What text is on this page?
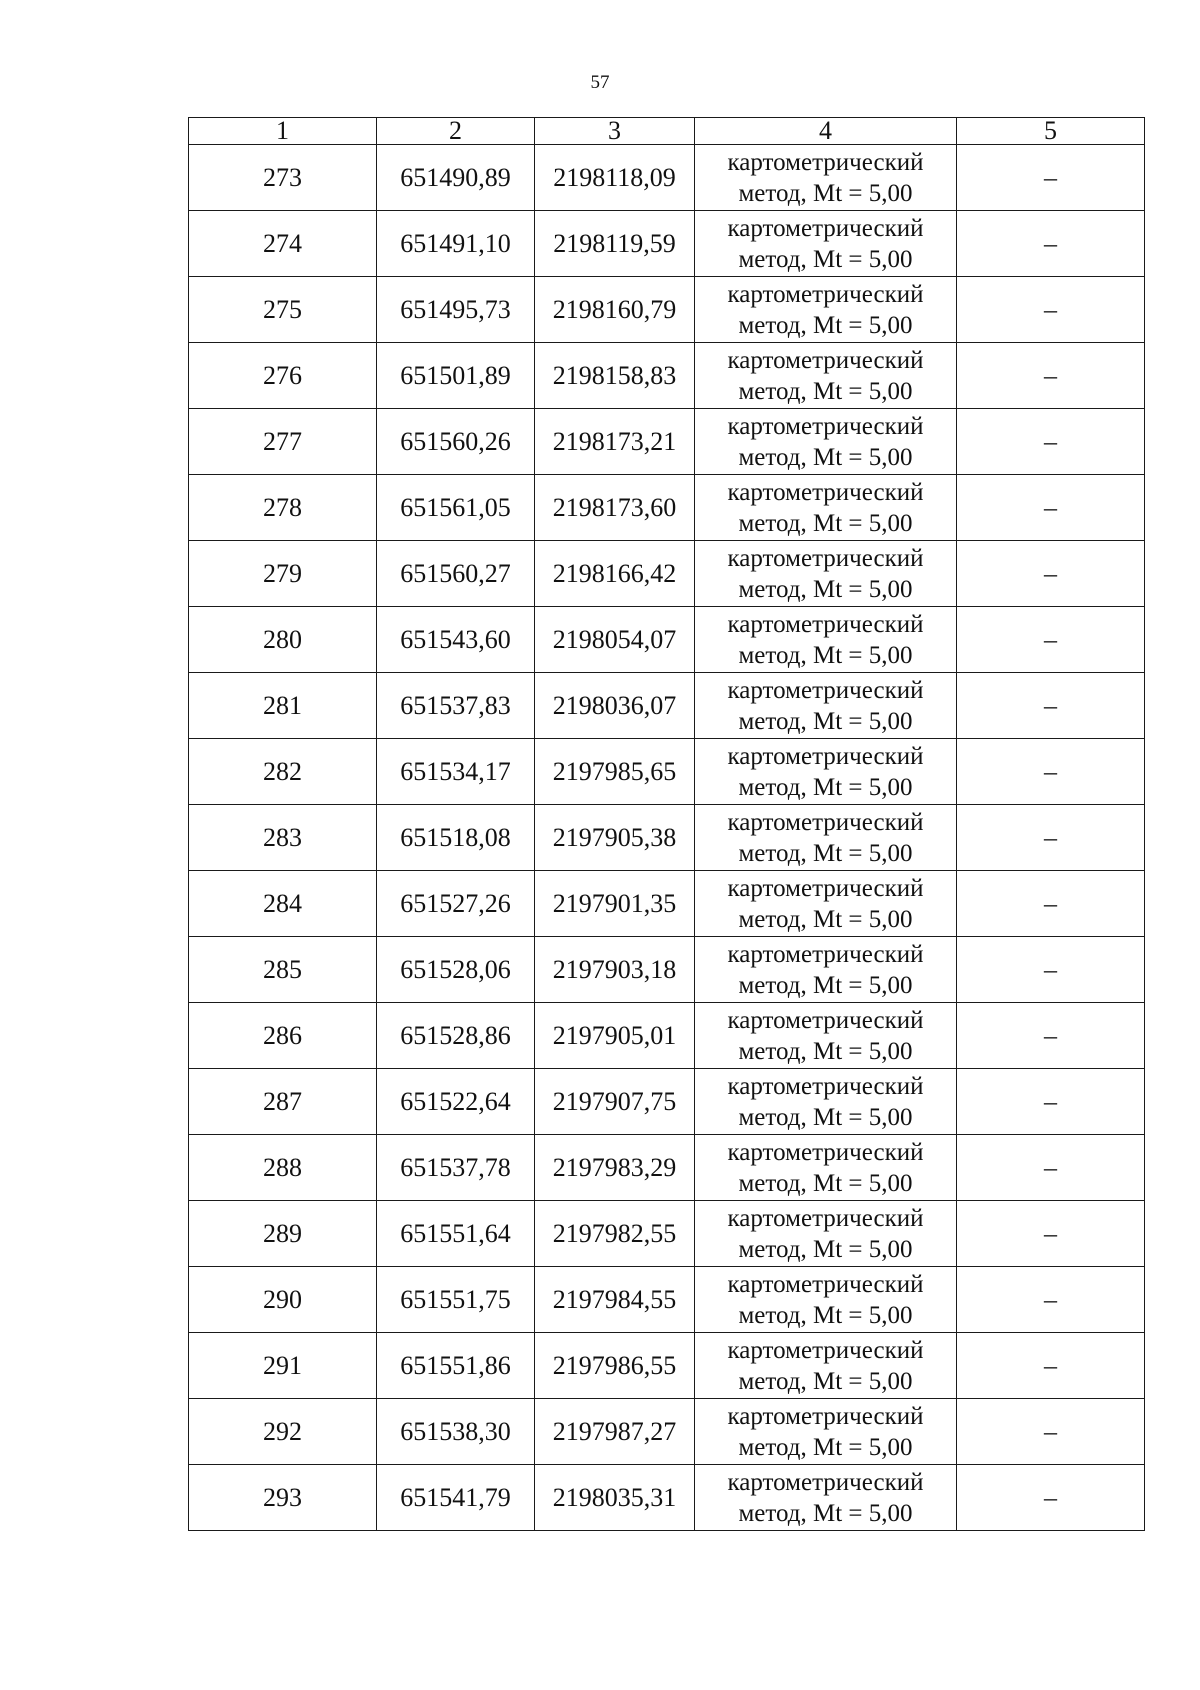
57
1	2	3	4	5
273	651490,89	2198118,09	картометрический
метод, Mt = 5,00	–
274	651491,10	2198119,59	картометрический
метод, Mt = 5,00	–
275	651495,73	2198160,79	картометрический
метод, Mt = 5,00	–
276	651501,89	2198158,83	картометрический
метод, Mt = 5,00	–
277	651560,26	2198173,21	картометрический
метод, Mt = 5,00	–
278	651561,05	2198173,60	картометрический
метод, Mt = 5,00	–
279	651560,27	2198166,42	картометрический
метод, Mt = 5,00	–
280	651543,60	2198054,07	картометрический
метод, Mt = 5,00	–
281	651537,83	2198036,07	картометрический
метод, Mt = 5,00	–
282	651534,17	2197985,65	картометрический
метод, Mt = 5,00	–
283	651518,08	2197905,38	картометрический
метод, Mt = 5,00	–
284	651527,26	2197901,35	картометрический
метод, Mt = 5,00	–
285	651528,06	2197903,18	картометрический
метод, Mt = 5,00	–
286	651528,86	2197905,01	картометрический
метод, Mt = 5,00	–
287	651522,64	2197907,75	картометрический
метод, Mt = 5,00	–
288	651537,78	2197983,29	картометрический
метод, Mt = 5,00	–
289	651551,64	2197982,55	картометрический
метод, Mt = 5,00	–
290	651551,75	2197984,55	картометрический
метод, Mt = 5,00	–
291	651551,86	2197986,55	картометрический
метод, Mt = 5,00	–
292	651538,30	2197987,27	картометрический
метод, Mt = 5,00	–
293	651541,79	2198035,31	картометрический
метод, Mt = 5,00	–
